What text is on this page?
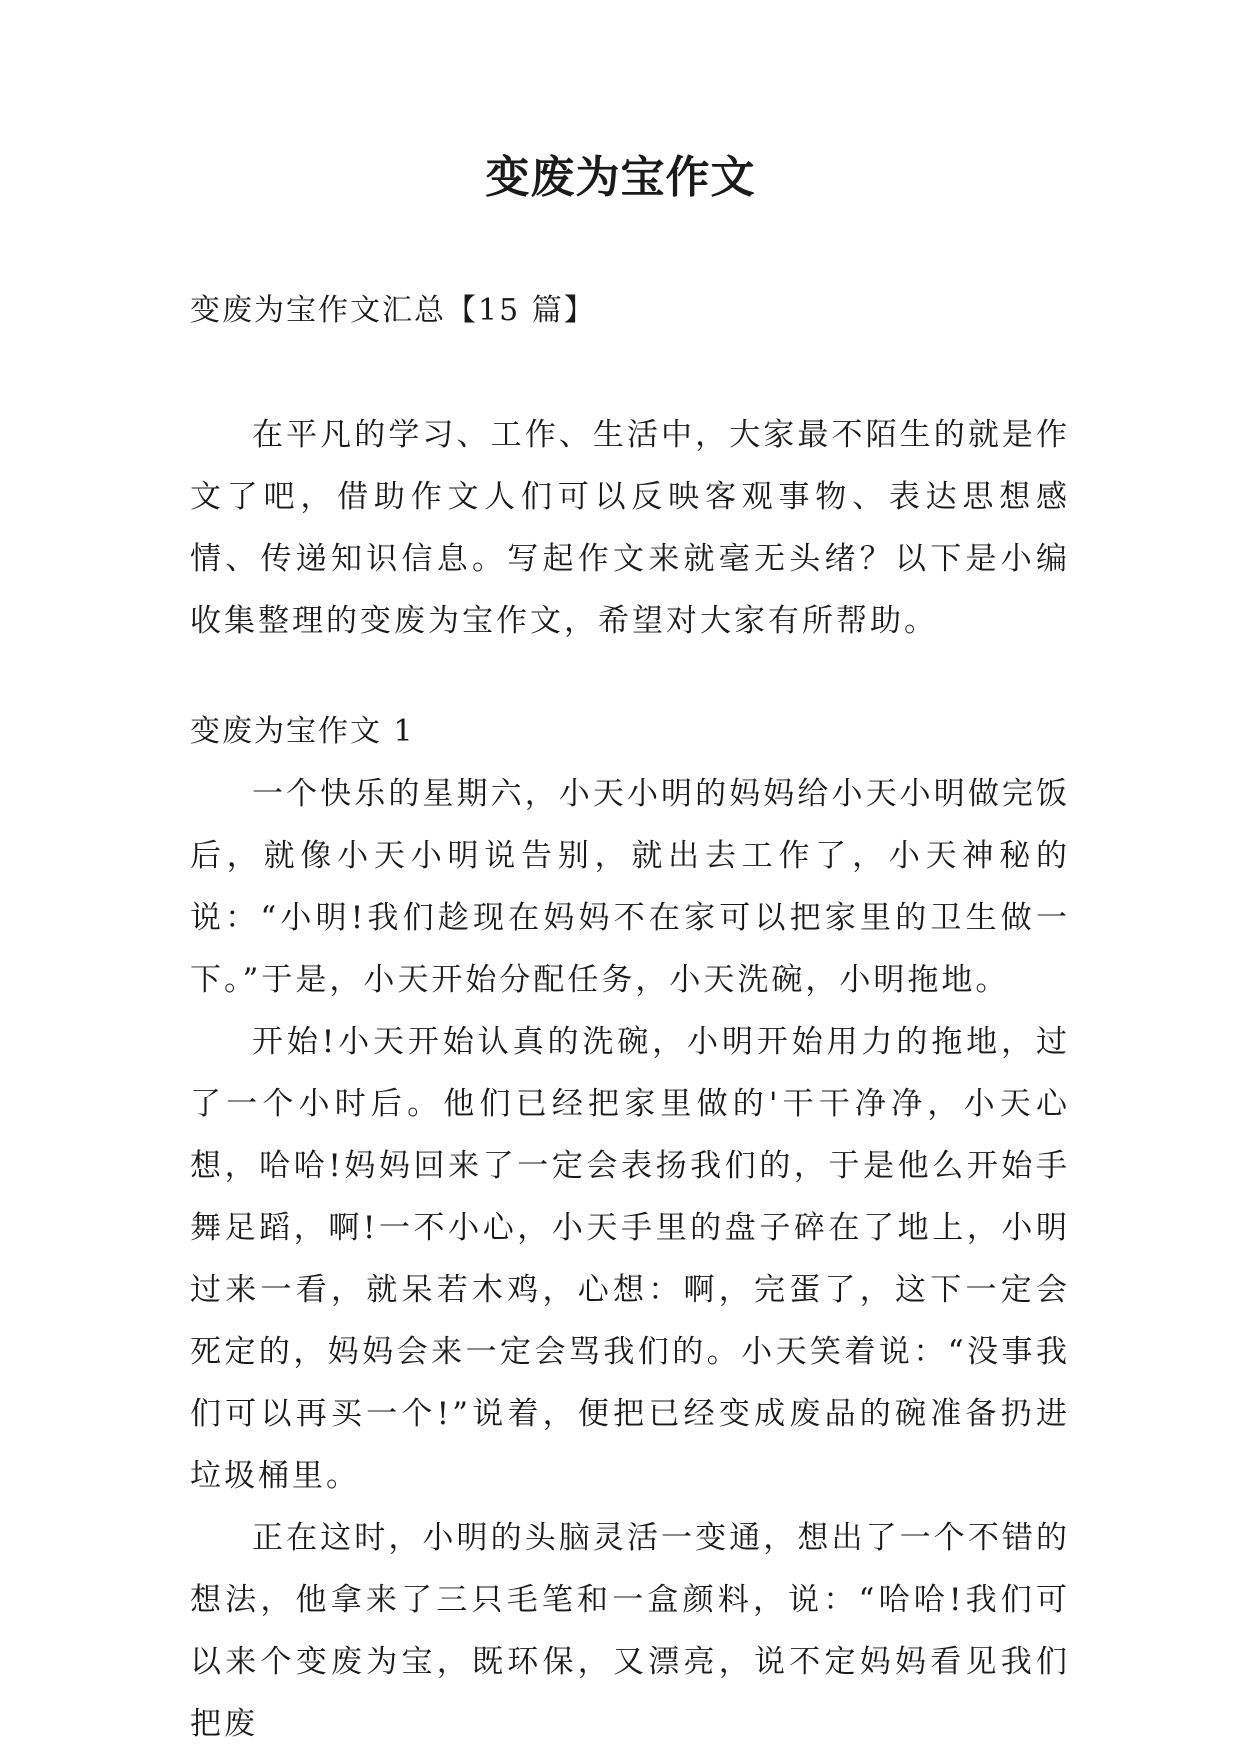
变废为宝作文
变废为宝作文汇总【15 篇】

在平凡的学习、工作、生活中，大家最不陌生的就是作文了吧，借助作文人们可以反映客观事物、表达思想感情、传递知识信息。写起作文来就毫无头绪？以下是小编收集整理的变废为宝作文，希望对大家有所帮助。

变废为宝作文 1

一个快乐的星期六，小天小明的妈妈给小天小明做完饭后，就像小天小明说告别，就出去工作了，小天神秘的说：“小明!我们趁现在妈妈不在家可以把家里的卫生做一下。”于是，小天开始分配任务，小天洗碗，小明拖地。

开始!小天开始认真的洗碗，小明开始用力的拖地，过了一个小时后。他们已经把家里做的'干干净净，小天心想，哈哈!妈妈回来了一定会表扬我们的，于是他么开始手舞足蹈，啊!一不小心，小天手里的盘子碎在了地上，小明过来一看，就呆若木鸡，心想：啊，完蛋了，这下一定会死定的，妈妈会来一定会骂我们的。小天笑着说：“没事我们可以再买一个!”说着，便把已经变成废品的碗准备扔进垃圾桶里。

正在这时，小明的头脑灵活一变通，想出了一个不错的想法，他拿来了三只毛笔和一盒颜料，说：“哈哈!我们可以来个变废为宝，既环保，又漂亮，说不定妈妈看见我们把废
